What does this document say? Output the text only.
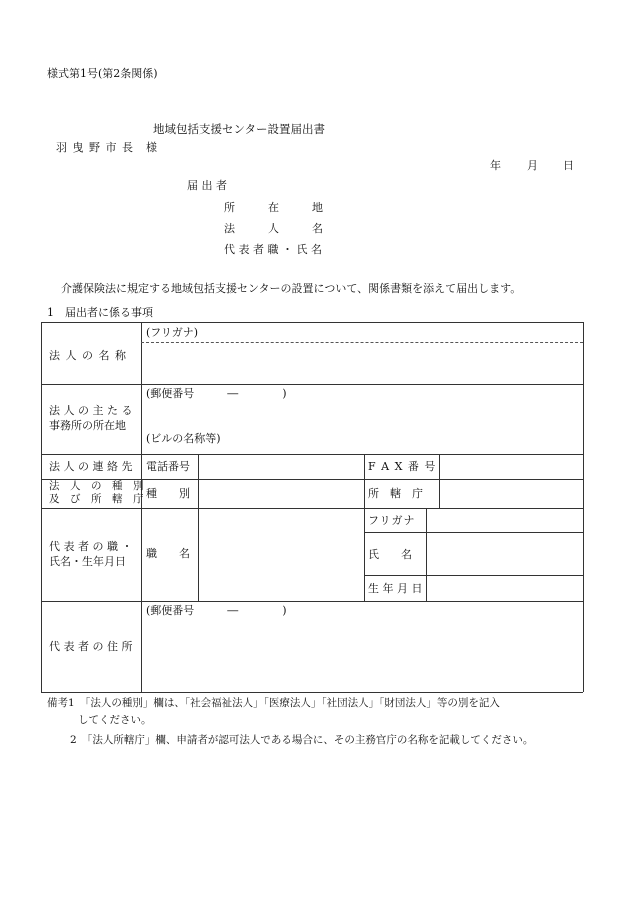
様式第1号(第2条関係)
地域包括支援センター設置届出書
羽 曳 野 市 長　様
年 月 日
届 出 者
所　　　在　　　地
法　　　人　　　名
代 表 者 職 ・ 氏 名
介護保険法に規定する地域包括支援センターの設置について、関係書類を添えて届出します。
1　届出者に係る事項
法 人 の 名 称
(フリガナ)
法 人 の 主 た る
事務所の所在地
(郵便番号　　　―　　　　)
(ビルの名称等)
法 人 の 連 絡 先 電話番号	F A X 番 号
法　人　の　種　別
及　び　所　轄　庁 種　　別	所　轄　庁
代 表 者 の 職 ・
氏名・生年月日
職　　名
フリガナ
氏　　名
生 年 月 日
代 表 者 の 住 所
(郵便番号　　　―　　　　)
備考1　「法人の種別」欄は、「社会福祉法人」「医療法人」「社団法人」「財団法人」等の別を記入
してください。
2　「法人所轄庁」欄、申請者が認可法人である場合に、その主務官庁の名称を記載してください。
